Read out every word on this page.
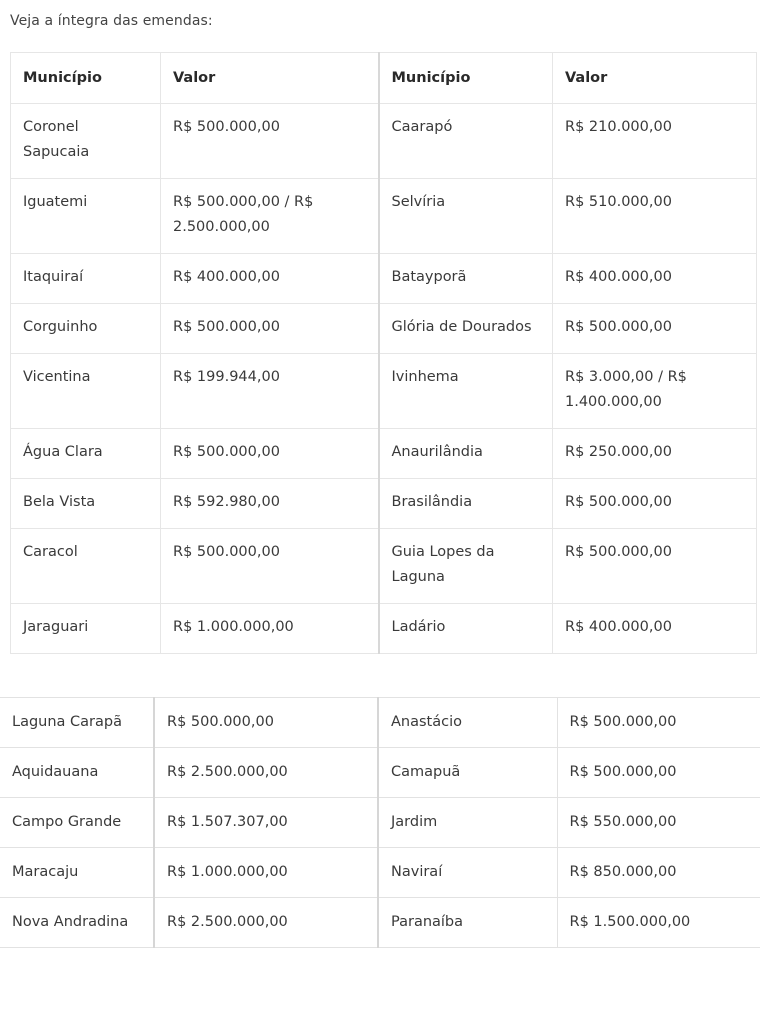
Veja a íntegra das emendas:
Município	Valor	Município	Valor
Coronel Sapucaia	R$ 500.000,00	Caarapó	R$ 210.000,00
Iguatemi	R$ 500.000,00 / R$ 2.500.000,00	Selvíria	R$ 510.000,00
Itaquiraí	R$ 400.000,00	Batayporã	R$ 400.000,00
Corguinho	R$ 500.000,00	Glória de Dourados	R$ 500.000,00
Vicentina	R$ 199.944,00	Ivinhema	R$ 3.000,00 / R$ 1.400.000,00
Água Clara	R$ 500.000,00	Anaurilândia	R$ 250.000,00
Bela Vista	R$ 592.980,00	Brasilândia	R$ 500.000,00
Caracol	R$ 500.000,00	Guia Lopes da Laguna	R$ 500.000,00
Jaraguari	R$ 1.000.000,00	Ladário	R$ 400.000,00
Laguna Carapã	R$ 500.000,00	Anastácio	R$ 500.000,00
Aquidauana	R$ 2.500.000,00	Camapuã	R$ 500.000,00
Campo Grande	R$ 1.507.307,00	Jardim	R$ 550.000,00
Maracaju	R$ 1.000.000,00	Naviraí	R$ 850.000,00
Nova Andradina	R$ 2.500.000,00	Paranaíba	R$ 1.500.000,00
